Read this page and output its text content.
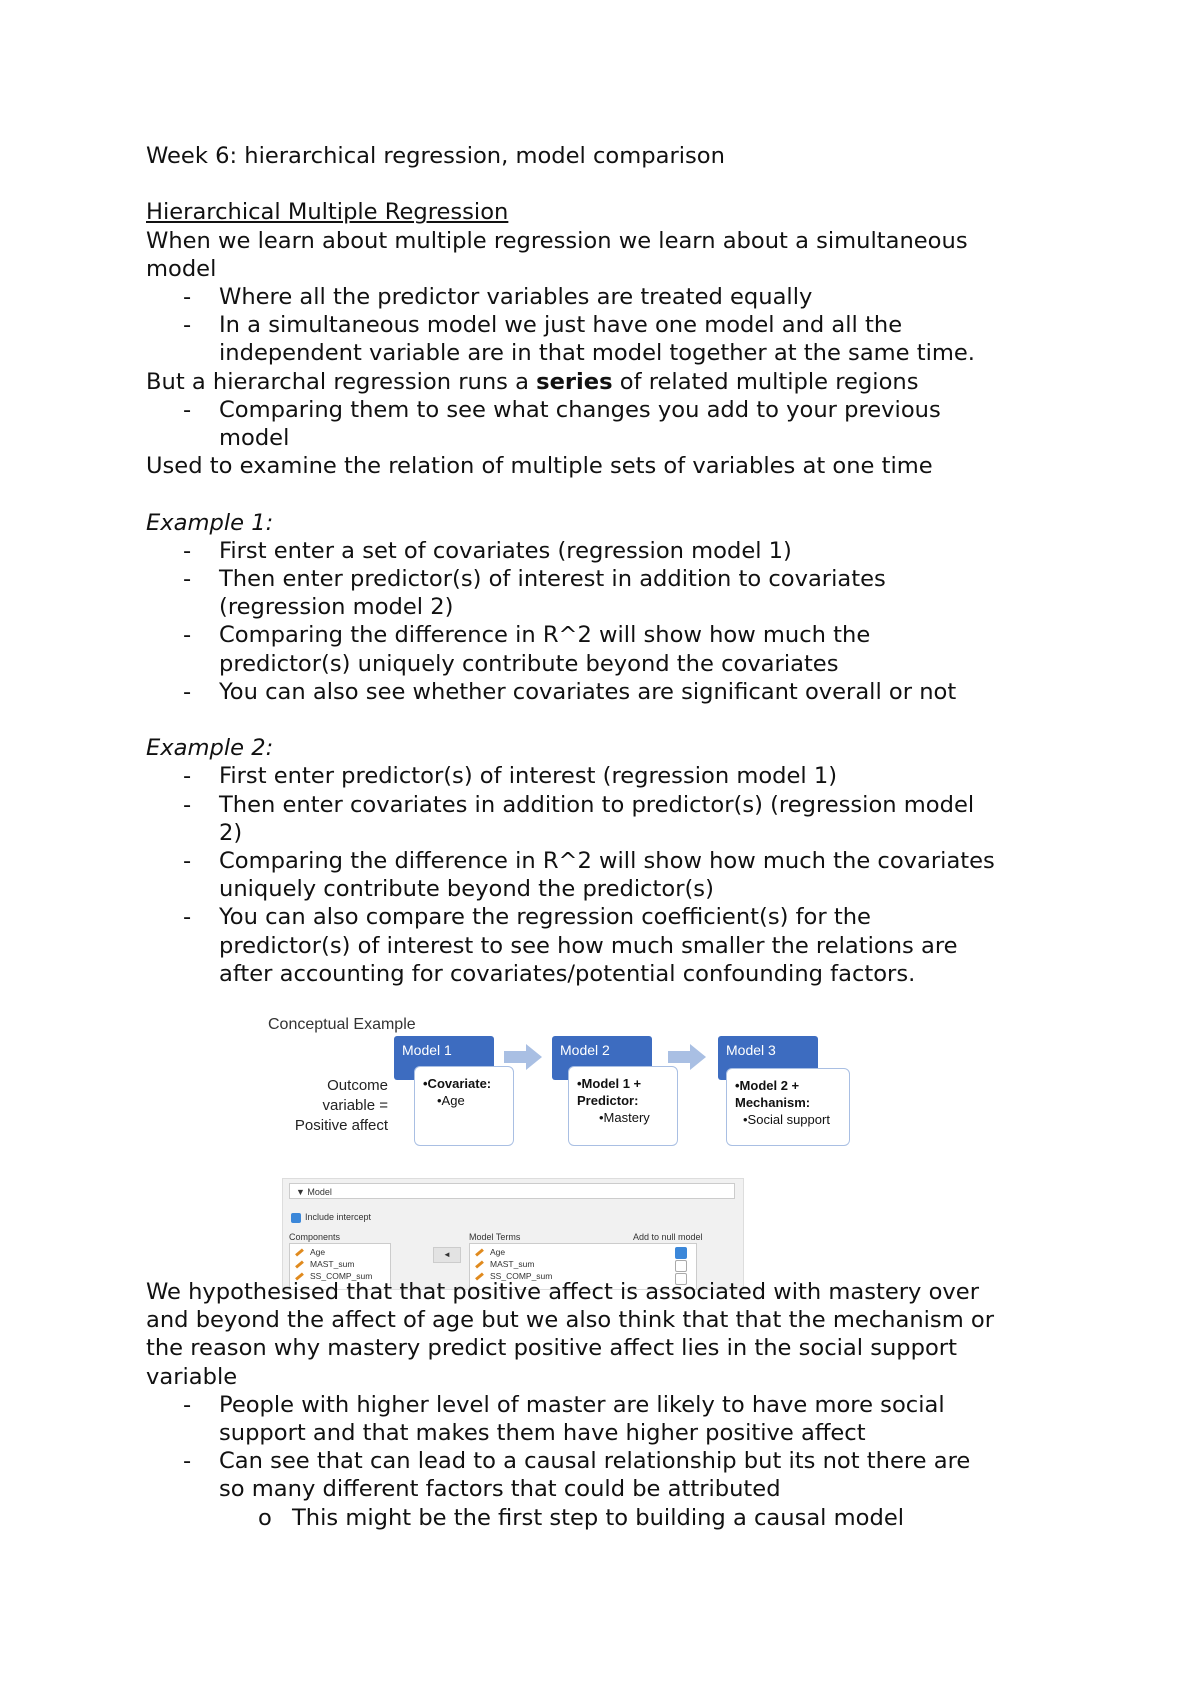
Week 6: hierarchical regression, model comparison
Hierarchical Multiple Regression
When we learn about multiple regression we learn about a simultaneous
model
- Where all the predictor variables are treated equally
- In a simultaneous model we just have one model and all the
independent variable are in that model together at the same time.
But a hierarchal regression runs a series of related multiple regions
- Comparing them to see what changes you add to your previous
model
Used to examine the relation of multiple sets of variables at one time
Example 1:
- First enter a set of covariates (regression model 1)
- Then enter predictor(s) of interest in addition to covariates
(regression model 2)
- Comparing the difference in R^2 will show how much the
predictor(s) uniquely contribute beyond the covariates
- You can also see whether covariates are significant overall or not
Example 2:
- First enter predictor(s) of interest (regression model 1)
- Then enter covariates in addition to predictor(s) (regression model
2)
- Comparing the difference in R^2 will show how much the covariates
uniquely contribute beyond the predictor(s)
- You can also compare the regression coefficient(s) for the
predictor(s) of interest to see how much smaller the relations are
after accounting for covariates/potential confounding factors.
Conceptual Example
Outcome
variable =
Positive affect
Model 1
•Covariate:
•Age
Model 2
•Model 1 +
Predictor:
•Mastery
Model 3
•Model 2 +
Mechanism:
•Social support
▼ Model
Include intercept
Components	Model Terms	Add to null model
Age
MAST_sum
SS_COMP_sum
◄	Age
MAST_sum
SS_COMP_sum
We hypothesised that that positive affect is associated with mastery over
and beyond the affect of age but we also think that that the mechanism or
the reason why mastery predict positive affect lies in the social support
variable
- People with higher level of master are likely to have more social
support and that makes them have higher positive affect
- Can see that can lead to a causal relationship but its not there are
so many different factors that could be attributed
o This might be the first step to building a causal model
